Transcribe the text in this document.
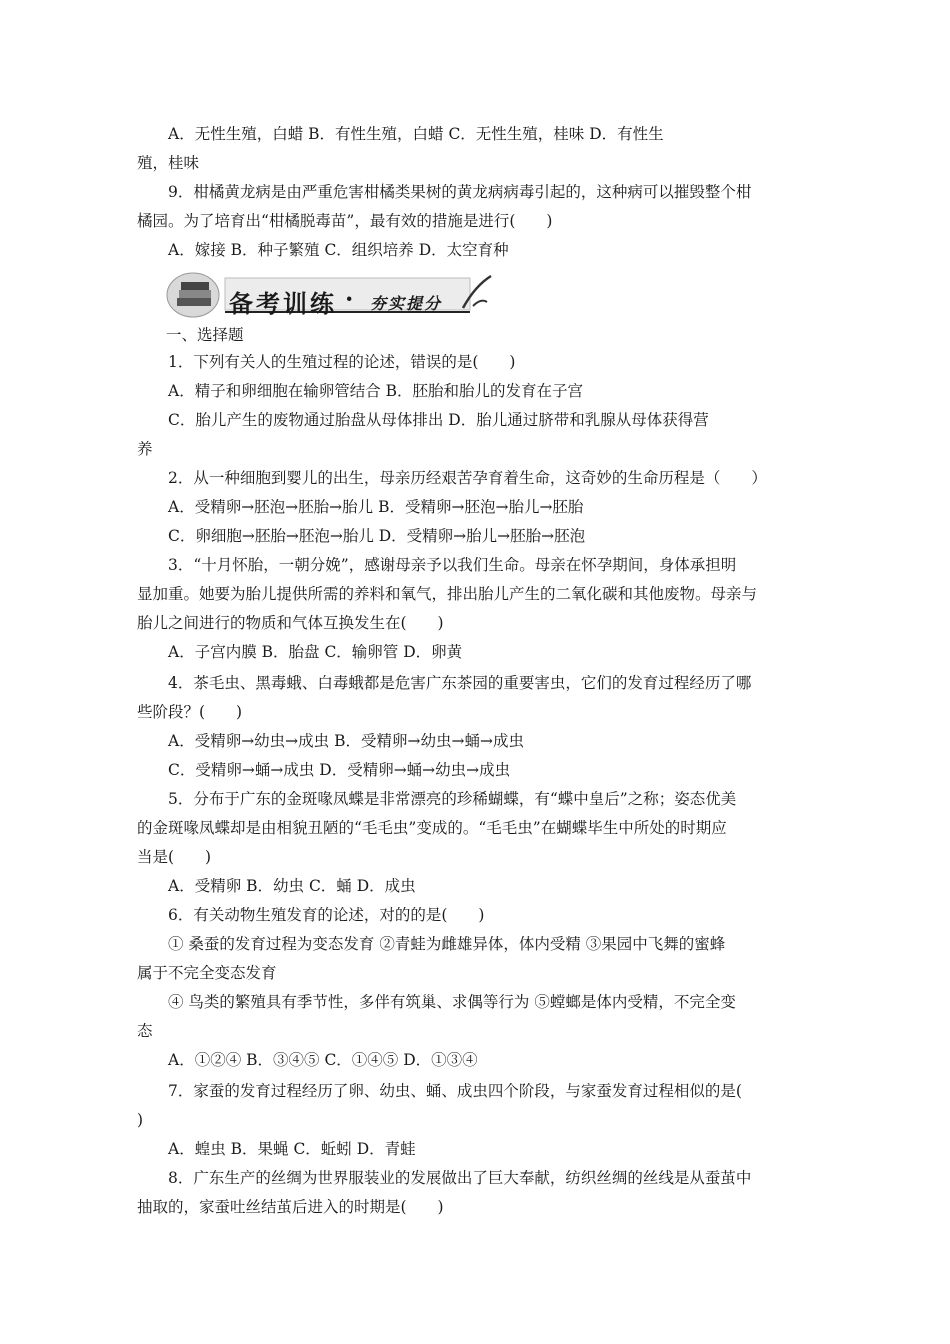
A．无性生殖，白蜡 B．有性生殖，白蜡 C．无性生殖，桂味 D．有性生
殖，桂味
9．柑橘黄龙病是由严重危害柑橘类果树的黄龙病病毒引起的，这种病可以摧毁整个柑
橘园。为了培育出“柑橘脱毒苗”，最有效的措施是进行(　　)
A．嫁接 B．种子繁殖 C．组织培养 D．太空育种
备考训练 · 夯实提分
一、选择题
1．下列有关人的生殖过程的论述，错误的是(　　)
A．精子和卵细胞在输卵管结合 B．胚胎和胎儿的发育在子宫
C．胎儿产生的废物通过胎盘从母体排出 D．胎儿通过脐带和乳腺从母体获得营
养
2．从一种细胞到婴儿的出生，母亲历经艰苦孕育着生命，这奇妙的生命历程是（　　）
A．受精卵→胚泡→胚胎→胎儿 B．受精卵→胚泡→胎儿→胚胎
C．卵细胞→胚胎→胚泡→胎儿 D．受精卵→胎儿→胚胎→胚泡
3．“十月怀胎，一朝分娩”，感谢母亲予以我们生命。母亲在怀孕期间，身体承担明
显加重。她要为胎儿提供所需的养料和氧气，排出胎儿产生的二氧化碳和其他废物。母亲与
胎儿之间进行的物质和气体互换发生在(　　)
A．子宫内膜 B．胎盘 C．输卵管 D．卵黄
4．茶毛虫、黑毒蛾、白毒蛾都是危害广东茶园的重要害虫，它们的发育过程经历了哪
些阶段？(　　)
A．受精卵→幼虫→成虫 B．受精卵→幼虫→蛹→成虫
C．受精卵→蛹→成虫 D．受精卵→蛹→幼虫→成虫
5．分布于广东的金斑喙凤蝶是非常漂亮的珍稀蝴蝶，有“蝶中皇后”之称；姿态优美
的金斑喙凤蝶却是由相貌丑陋的“毛毛虫”变成的。“毛毛虫”在蝴蝶毕生中所处的时期应
当是(　　)
A．受精卵 B．幼虫 C．蛹 D．成虫
6．有关动物生殖发育的论述，对的的是(　　)
① 桑蚕的发育过程为变态发育 ②青蛙为雌雄异体，体内受精 ③果园中飞舞的蜜蜂
属于不完全变态发育
④ 鸟类的繁殖具有季节性，多伴有筑巢、求偶等行为 ⑤螳螂是体内受精，不完全变
态
A．①②④ B．③④⑤ C．①④⑤ D．①③④
7．家蚕的发育过程经历了卵、幼虫、蛹、成虫四个阶段，与家蚕发育过程相似的是(
)
A．蝗虫 B．果蝇 C．蚯蚓 D．青蛙
8．广东生产的丝绸为世界服装业的发展做出了巨大奉献，纺织丝绸的丝线是从蚕茧中
抽取的，家蚕吐丝结茧后进入的时期是(　　)
